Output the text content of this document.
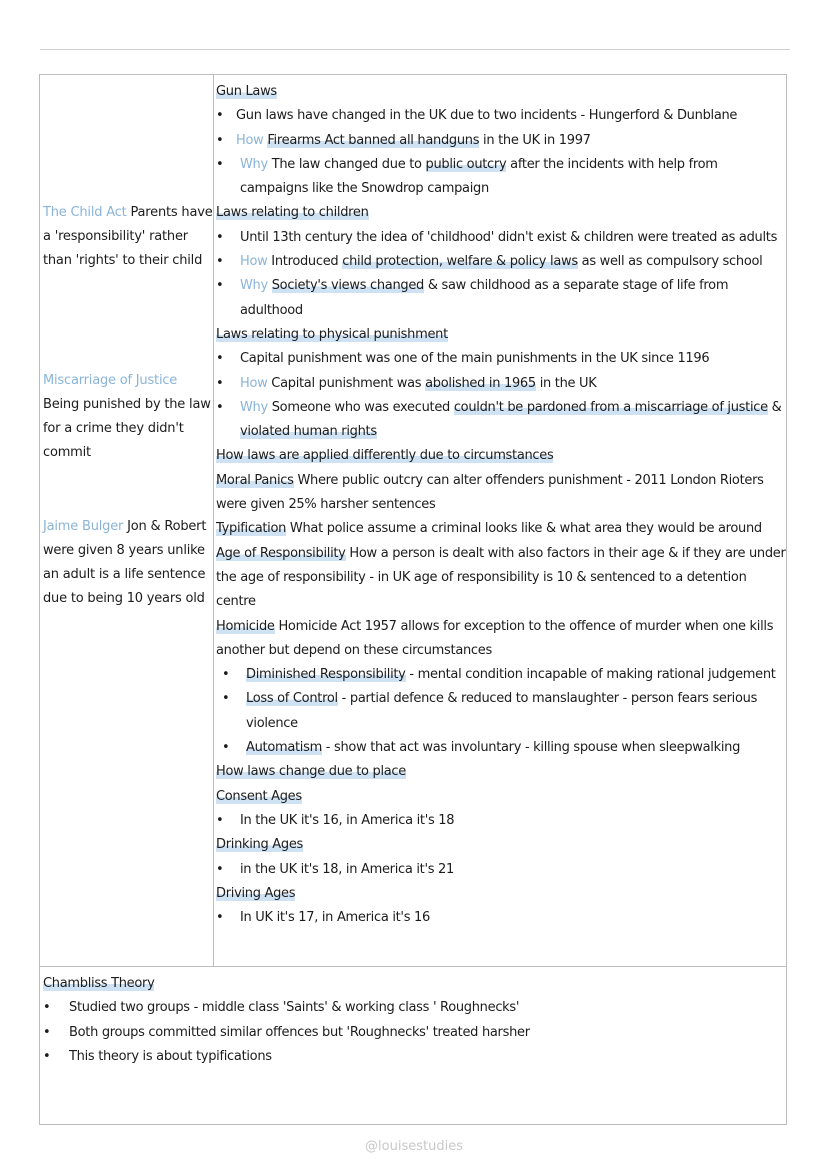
The Child Act Parents have a 'responsibility' rather than 'rights' to their child
Miscarriage of Justice Being punished by the law for a crime they didn't commit
Jaime Bulger Jon & Robert were given 8 years unlike an adult is a life sentence due to being 10 years old
Gun Laws
• Gun laws have changed in the UK due to two incidents - Hungerford & Dunblane
• How Firearms Act banned all handguns in the UK in 1997
•	Why The law changed due to public outcry after the incidents with help from campaigns like the Snowdrop campaign
Laws relating to children
•	Until 13th century the idea of 'childhood' didn't exist & children were treated as adults
•	How Introduced child protection, welfare & policy laws as well as compulsory school
•	Why Society's views changed & saw childhood as a separate stage of life from adulthood
Laws relating to physical punishment
•	Capital punishment was one of the main punishments in the UK since 1196
•	How Capital punishment was abolished in 1965 in the UK
•	Why Someone who was executed couldn't be pardoned from a miscarriage of justice &
violated human rights
How laws are applied differently due to circumstances
Moral Panics Where public outcry can alter offenders punishment - 2011 London Rioters were given 25% harsher sentences
Typification What police assume a criminal looks like & what area they would be around
Age of Responsibility How a person is dealt with also factors in their age & if they are under the age of responsibility - in UK age of responsibility is 10 & sentenced to a detention centre
Homicide Homicide Act 1957 allows for exception to the offence of murder when one kills another but depend on these circumstances
•	Diminished Responsibility - mental condition incapable of making rational judgement
•	Loss of Control - partial defence & reduced to manslaughter - person fears serious violence
•	Automatism - show that act was involuntary - killing spouse when sleepwalking
How laws change due to place
Consent Ages
•	In the UK it's 16, in America it's 18
Drinking Ages
•	in the UK it's 18, in America it's 21
Driving Ages
•	In UK it's 17, in America it's 16
Chambliss Theory
•	Studied two groups - middle class 'Saints' & working class ' Roughnecks'
•	Both groups committed similar offences but 'Roughnecks' treated harsher
•	This theory is about typifications
@louisestudies
